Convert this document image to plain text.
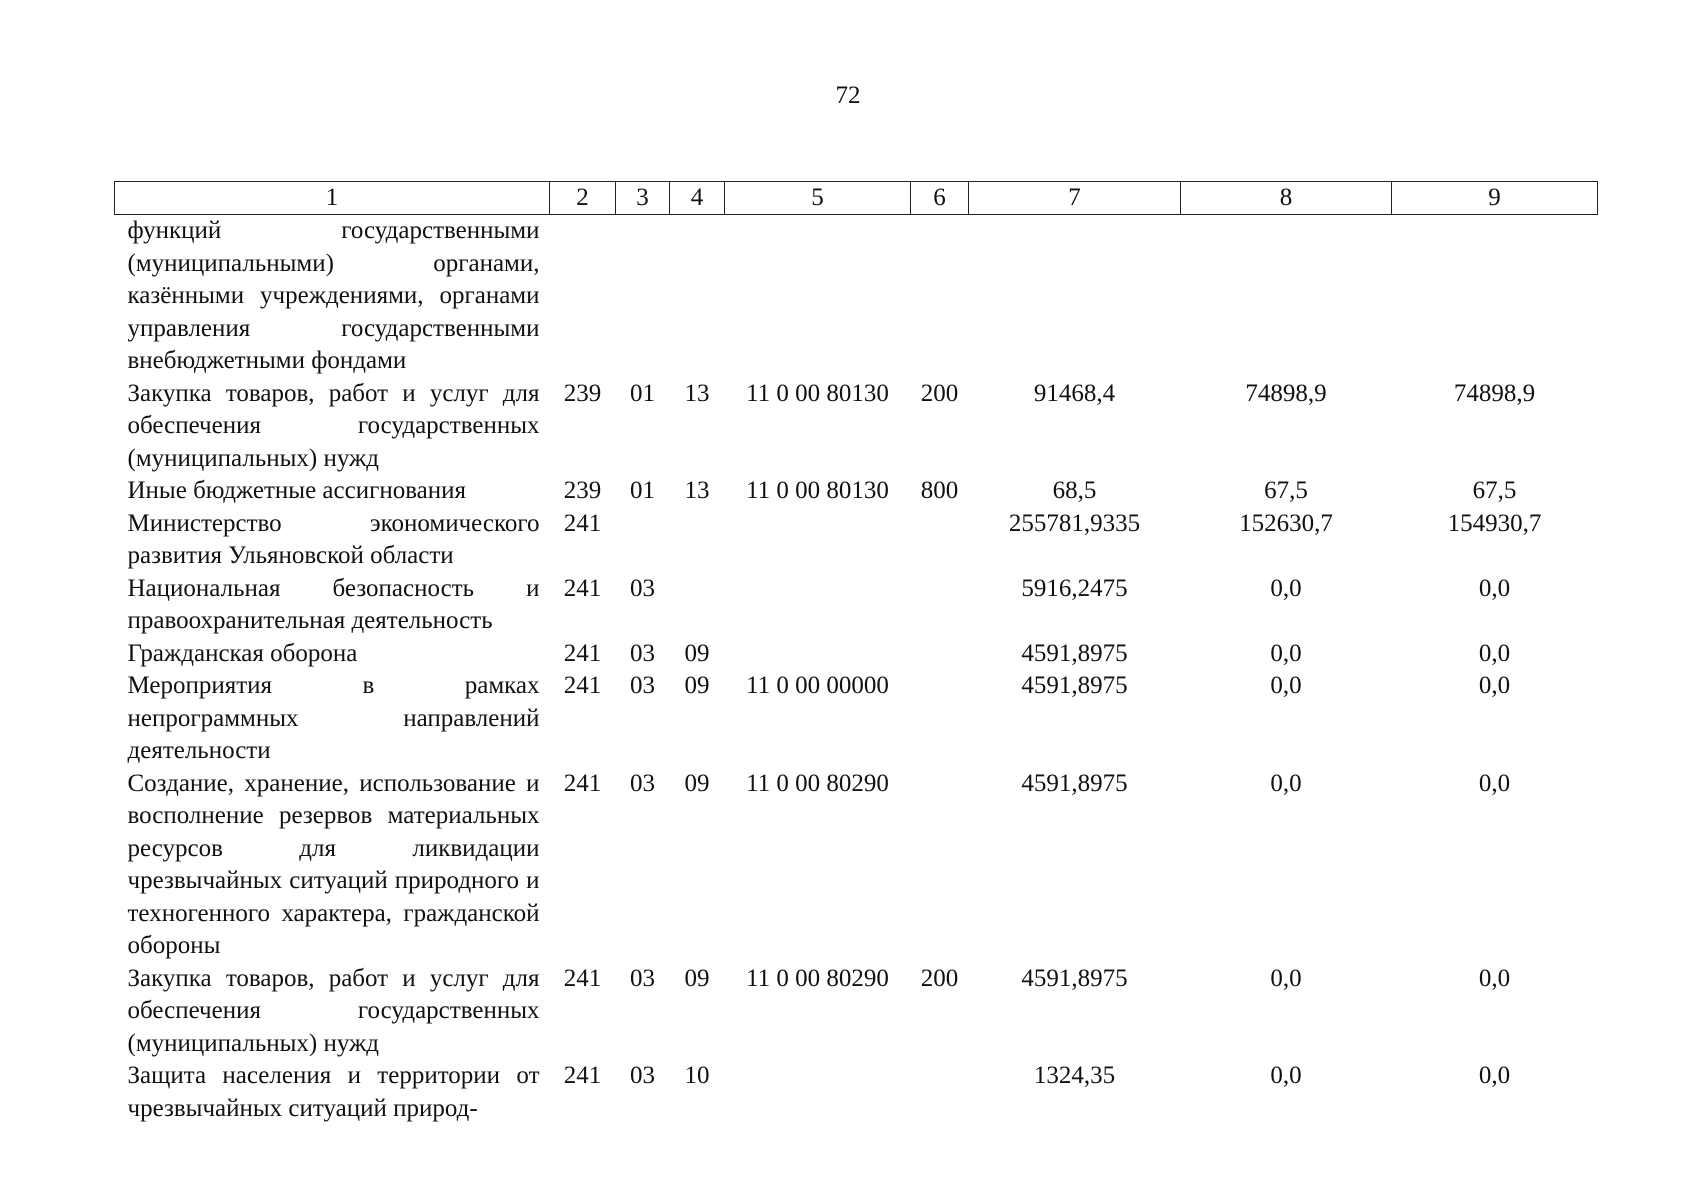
72
1	2	3	4	5	6	7	8	9
функций государственными (муниципальными) органами, казёнными учреждениями, органами управления государственными внебюджетными фондами								
Закупка товаров, работ и услуг для обеспечения государственных (муниципальных) нужд	239	01	13	11 0 00 80130	200	91468,4	74898,9	74898,9
Иные бюджетные ассигнования	239	01	13	11 0 00 80130	800	68,5	67,5	67,5
Министерство экономического развития Ульяновской области	241					255781,9335	152630,7	154930,7
Национальная безопасность и правоохранительная деятельность	241	03				5916,2475	0,0	0,0
Гражданская оборона	241	03	09			4591,8975	0,0	0,0
Мероприятия в рамках непрограммных направлений деятельности	241	03	09	11 0 00 00000		4591,8975	0,0	0,0
Создание, хранение, использование и восполнение резервов материальных ресурсов для ликвидации чрезвычайных ситуаций природного и техногенного характера, гражданской обороны	241	03	09	11 0 00 80290		4591,8975	0,0	0,0
Закупка товаров, работ и услуг для обеспечения государственных (муниципальных) нужд	241	03	09	11 0 00 80290	200	4591,8975	0,0	0,0
Защита населения и территории от чрезвычайных ситуаций природ-	241	03	10			1324,35	0,0	0,0
